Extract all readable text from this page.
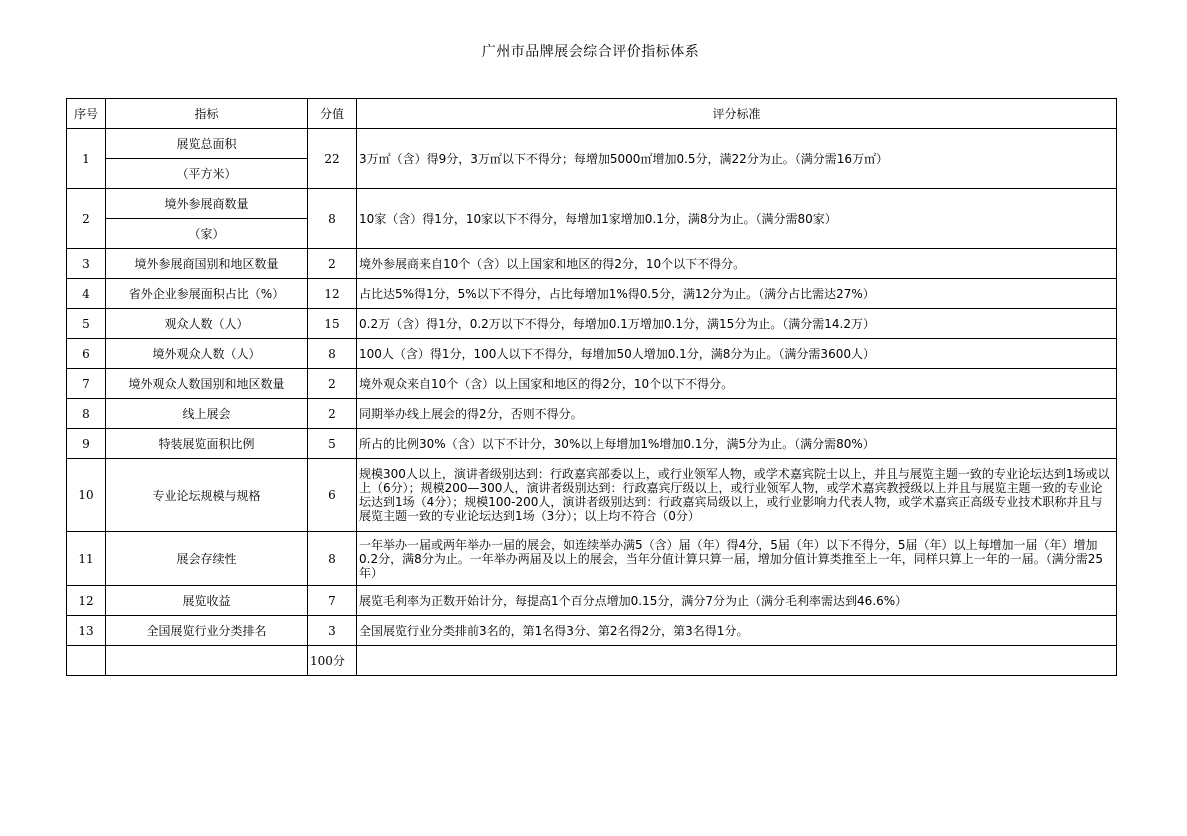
广州市品牌展会综合评价指标体系
序号	指标	分值	评分标准
1	展览总面积	22	3万㎡（含）得9分，3万㎡以下不得分；每增加5000㎡增加0.5分，满22分为止。（满分需16万㎡）
	（平方米）		
2	境外参展商数量	8	10家（含）得1分，10家以下不得分，每增加1家增加0.1分，满8分为止。（满分需80家）
	（家）		
3	境外参展商国别和地区数量	2	境外参展商来自10个（含）以上国家和地区的得2分，10个以下不得分。
4	省外企业参展面积占比（%）	12	占比达5%得1分，5%以下不得分，占比每增加1%得0.5分，满12分为止。（满分占比需达27%）
5	观众人数（人）	15	0.2万（含）得1分，0.2万以下不得分，每增加0.1万增加0.1分，满15分为止。（满分需14.2万）
6	境外观众人数（人）	8	100人（含）得1分，100人以下不得分，每增加50人增加0.1分，满8分为止。（满分需3600人）
7	境外观众人数国别和地区数量	2	境外观众来自10个（含）以上国家和地区的得2分，10个以下不得分。
8	线上展会	2	同期举办线上展会的得2分，否则不得分。
9	特装展览面积比例	5	所占的比例30%（含）以下不计分，30%以上每增加1%增加0.1分，满5分为止。（满分需80%）
10	专业论坛规模与规格	6	规模300人以上，演讲者级别达到：行政嘉宾部委以上，或行业领军人物，或学术嘉宾院士以上，并且与展览主题一致的专业论坛达到1场或以上（6分）；规模200—300人，演讲者级别达到：行政嘉宾厅级以上，或行业领军人物，或学术嘉宾教授级以上并且与展览主题一致的专业论坛达到1场（4分）；规模100-200人，演讲者级别达到：行政嘉宾局级以上，或行业影响力代表人物，或学术嘉宾正高级专业技术职称并且与展览主题一致的专业论坛达到1场（3分）；以上均不符合（0分）
11	展会存续性	8	一年举办一届或两年举办一届的展会，如连续举办满5（含）届（年）得4分，5届（年）以下不得分，5届（年）以上每增加一届（年）增加0.2分，满8分为止。一年举办两届及以上的展会，当年分值计算只算一届，增加分值计算类推至上一年，同样只算上一年的一届。（满分需25年）
12	展览收益	7	展览毛利率为正数开始计分，每提高1个百分点增加0.15分，满分7分为止（满分毛利率需达到46.6%）
13	全国展览行业分类排名	3	全国展览行业分类排前3名的，第1名得3分、第2名得2分，第3名得1分。
		100分	
